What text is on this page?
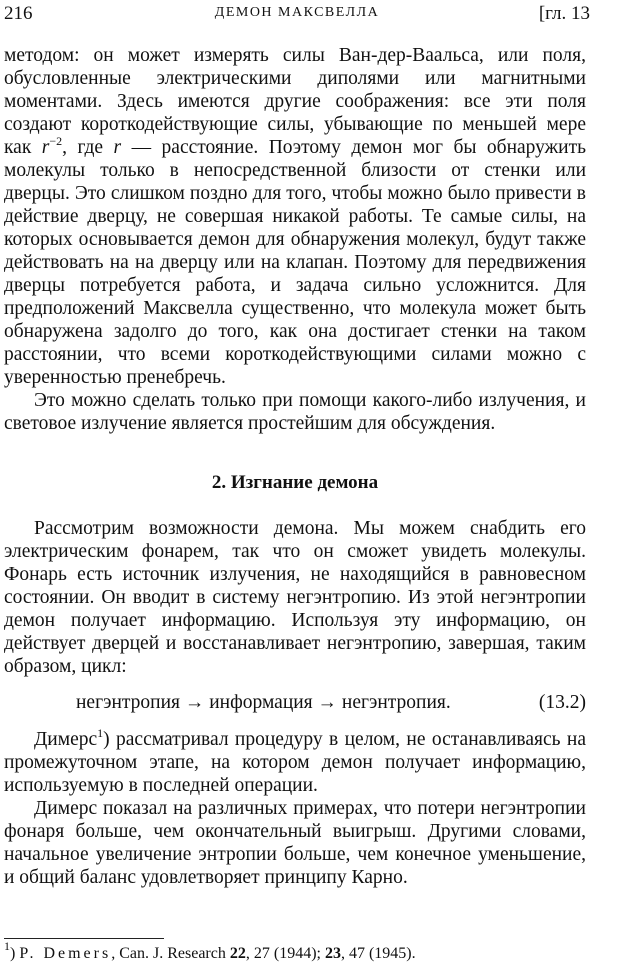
216	ДЕМОН МАКСВЕЛЛА	[гл. 13

методом: он может измерять силы Ван-дер-Ваальса, или поля, обусловленные электрическими диполями или магнитными моментами. Здесь имеются другие соображения: все эти поля создают короткодействующие силы, убывающие по меньшей мере как $r^{-2}$, где r — расстояние. Поэтому демон мог бы обнаружить молекулы только в непосредственной близости от стенки или дверцы. Это слишком поздно для того, чтобы можно было привести в действие дверцу, не совершая никакой работы. Те самые силы, на которых основывается демон для обнаружения молекул, будут также действовать на на дверцу или на клапан. Поэтому для передвижения дверцы потребуется работа, и задача сильно усложнится. Для предположений Максвелла существенно, что молекула может быть обнаружена задолго до того, как она достигает стенки на таком расстоянии, что всеми короткодействующими силами можно с уверенностью пренебречь.

Это можно сделать только при помощи какого-либо излучения, и световое излучение является простейшим для обсуждения.

2. Изгнание демона

Рассмотрим возможности демона. Мы можем снабдить его электрическим фонарем, так что он сможет увидеть молекулы. Фонарь есть источник излучения, не находящийся в равновесном состоянии. Он вводит в систему негэнтропию. Из этой негэнтропии демон получает информацию. Используя эту информацию, он действует дверцей и восстанавливает негэнтропию, завершая, таким образом, цикл:

негэнтропия → информация → негэнтропия.	(13.2)

Димерс$^1$) рассматривал процедуру в целом, не останавливаясь на промежуточном этапе, на котором демон получает информацию, используемую в последней операции.

Димерс показал на различных примерах, что потери негэнтропии фонаря больше, чем окончательный выигрыш. Другими словами, начальное увеличение энтропии больше, чем конечное уменьшение, и общий баланс удовлетворяет принципу Карно.

$^1$) P. Demers, Can. J. Research 22, 27 (1944); 23, 47 (1945).
